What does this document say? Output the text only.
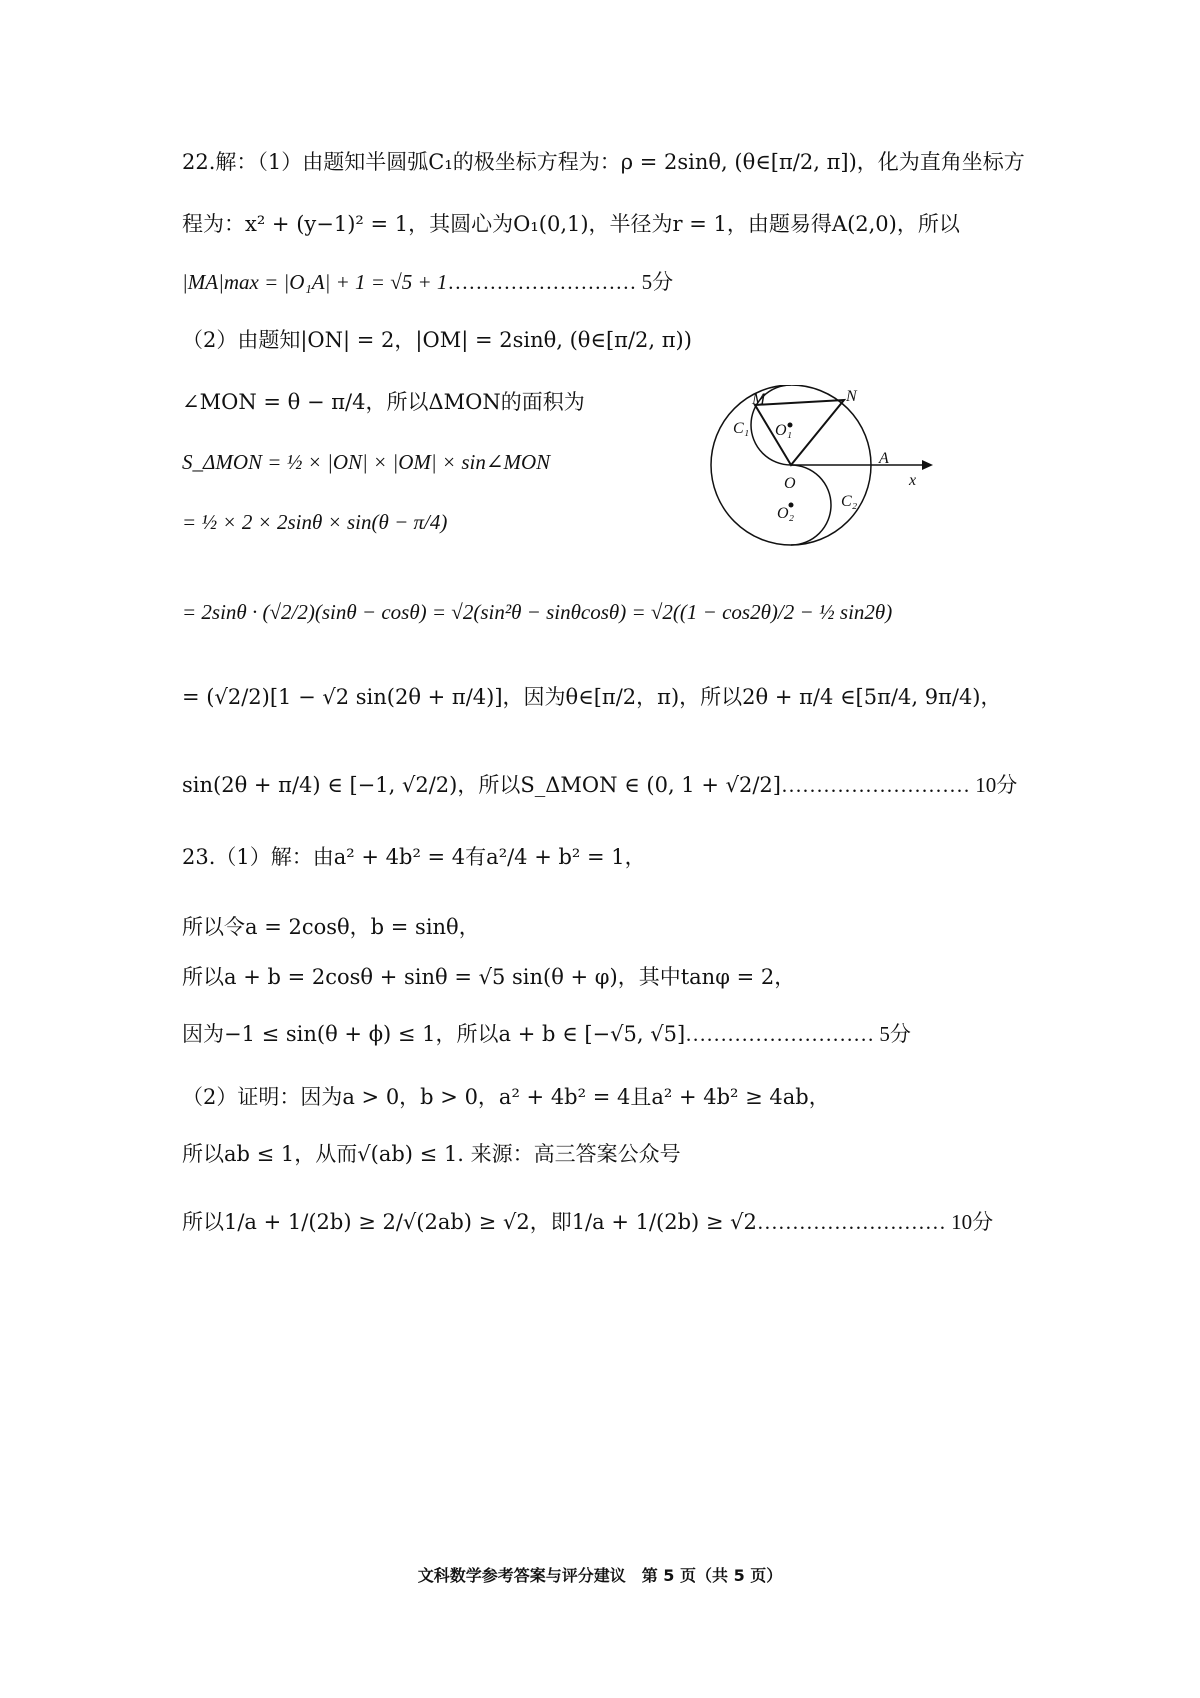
22.解：（1）由题知半圆弧C₁的极坐标方程为：ρ = 2sinθ, (θ∈[π/2, π])，化为直角坐标方
程为：x² + (y−1)² = 1，其圆心为O₁(0,1)，半径为r = 1，由题易得A(2,0)，所以
|MA|max = |O₁A| + 1 = √5 + 1……………………… 5分
（2）由题知|ON| = 2，|OM| = 2sinθ, (θ∈[π/2, π))
∠MON = θ − π/4，所以ΔMON的面积为
S_ΔMON = ½ × |ON| × |OM| × sin∠MON
= ½ × 2 × 2sinθ × sin(θ − π/4)
= 2sinθ · (√2/2)(sinθ − cosθ) = √2(sin²θ − sinθcosθ) = √2((1 − cos2θ)/2 − ½ sin2θ)
= (√2/2)[1 − √2 sin(2θ + π/4)]，因为θ∈[π/2，π)，所以2θ + π/4 ∈[5π/4, 9π/4)，
sin(2θ + π/4) ∈ [−1, √2/2)，所以S_ΔMON ∈ (0, 1 + √2/2]……………………… 10分
23.（1）解：由a² + 4b² = 4有a²/4 + b² = 1，
所以令a = 2cosθ，b = sinθ，
所以a + b = 2cosθ + sinθ = √5 sin(θ + φ)，其中tanφ = 2，
因为−1 ≤ sin(θ + ϕ) ≤ 1，所以a + b ∈ [−√5, √5]……………………… 5分
（2）证明：因为a > 0，b > 0，a² + 4b² = 4且a² + 4b² ≥ 4ab，
所以ab ≤ 1，从而√(ab) ≤ 1. 来源：高三答案公众号
所以1/a + 1/(2b) ≥ 2/√(2ab) ≥ √2，即1/a + 1/(2b) ≥ √2……………………… 10分
M	N
O₁
C₁
A
x
O
C₂
O₂
文科数学参考答案与评分建议　第 5 页（共 5 页）
